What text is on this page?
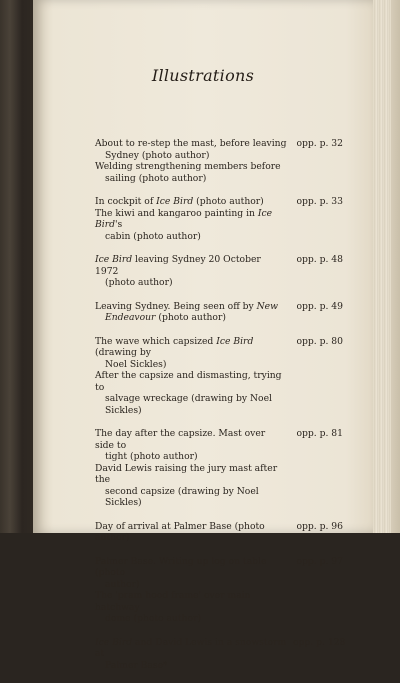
Illustrations
About to re-step the mast, before leaving
Sydney (photo author)
opp. p. 32
Welding strengthening members before
sailing (photo author)
In cockpit of Ice Bird (photo author)	opp. p. 33
The kiwi and kangaroo painting in Ice Bird's
cabin (photo author)
Ice Bird leaving Sydney 20 October 1972
(photo author)
opp. p. 48
Leaving Sydney. Being seen off by New
Endeavour (photo author)
opp. p. 49
The wave which capsized Ice Bird (drawing by
Noel Sickles)
opp. p. 80
After the capsize and dismasting, trying to
salvage wreckage (drawing by Noel Sickles)
The day after the capsize. Mast over side to
tight (photo author)
opp. p. 81
David Lewis raising the jury mast after the
second capsize (drawing by Noel Sickles)
Day of arrival at Palmer Base (photo author)
opp. p. 96
Palmer Base. Writing up log on table (photo
author)
opp. p. 97
The 'pram hood frame' over main hatchway
dome (photo author)
Ice Bird and David Lewis in a snowstorm at
Palmer Base*
opp. p. 128
